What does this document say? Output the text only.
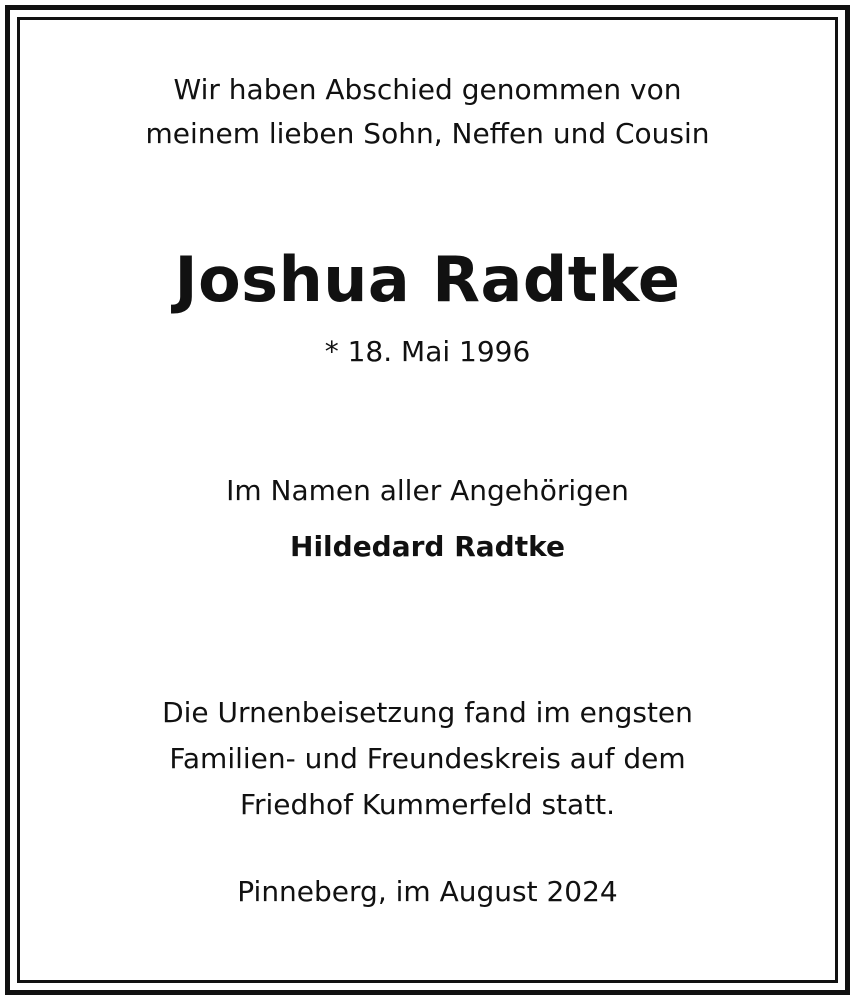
Wir haben Abschied genommen von
meinem lieben Sohn, Neffen und Cousin
Joshua Radtke
* 18. Mai 1996
Im Namen aller Angehörigen
Hildedard Radtke
Die Urnenbeisetzung fand im engsten
Familien- und Freundeskreis auf dem
Friedhof Kummerfeld statt.
Pinneberg, im August 2024
